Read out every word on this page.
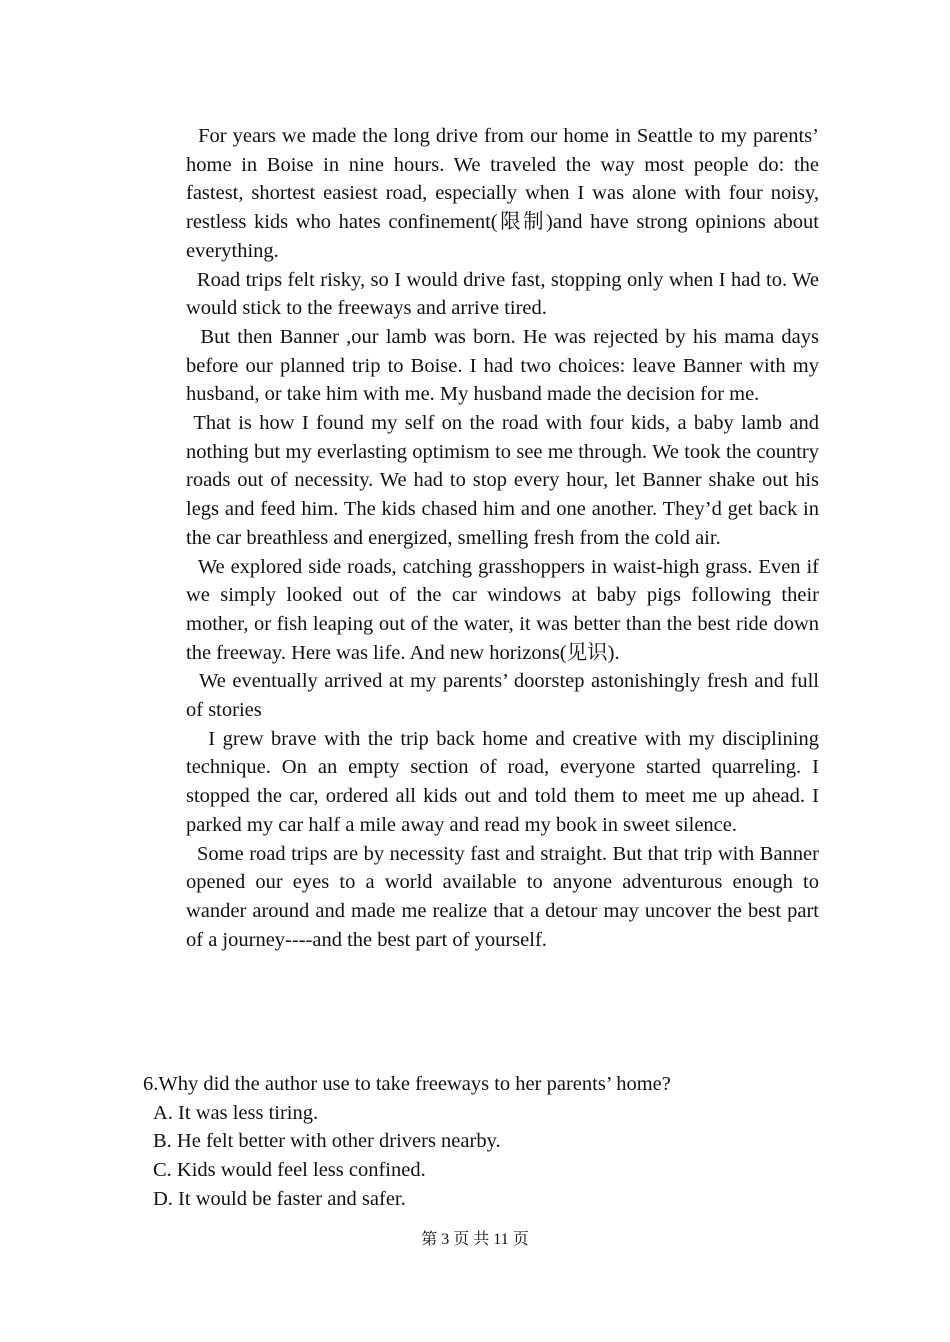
For years we made the long drive from our home in Seattle to my parents’ home in Boise in nine hours. We traveled the way most people do: the fastest, shortest easiest road, especially when I was alone with four noisy, restless kids who hates confinement(限制)and have strong opinions about everything.

Road trips felt risky, so I would drive fast, stopping only when I had to. We would stick to the freeways and arrive tired.

But then Banner ,our lamb was born. He was rejected by his mama days before our planned trip to Boise. I had two choices: leave Banner with my husband, or take him with me. My husband made the decision for me.

That is how I found my self on the road with four kids, a baby lamb and nothing but my everlasting optimism to see me through. We took the country roads out of necessity. We had to stop every hour, let Banner shake out his legs and feed him. The kids chased him and one another. They’d get back in the car breathless and energized, smelling fresh from the cold air.

We explored side roads, catching grasshoppers in waist-high grass. Even if we simply looked out of the car windows at baby pigs following their mother, or fish leaping out of the water, it was better than the best ride down the freeway. Here was life. And new horizons(见识).

We eventually arrived at my parents’ doorstep astonishingly fresh and full of stories

I grew brave with the trip back home and creative with my disciplining technique. On an empty section of road, everyone started quarreling. I stopped the car, ordered all kids out and told them to meet me up ahead. I parked my car half a mile away and read my book in sweet silence.

Some road trips are by necessity fast and straight. But that trip with Banner opened our eyes to a world available to anyone adventurous enough to wander around and made me realize that a detour may uncover the best part of a journey----and the best part of yourself.

6.Why did the author use to take freeways to her parents’ home?

A. It was less tiring.

B. He felt better with other drivers nearby.

C. Kids would feel less confined.

D. It would be faster and safer.

第 3 页 共 11 页
